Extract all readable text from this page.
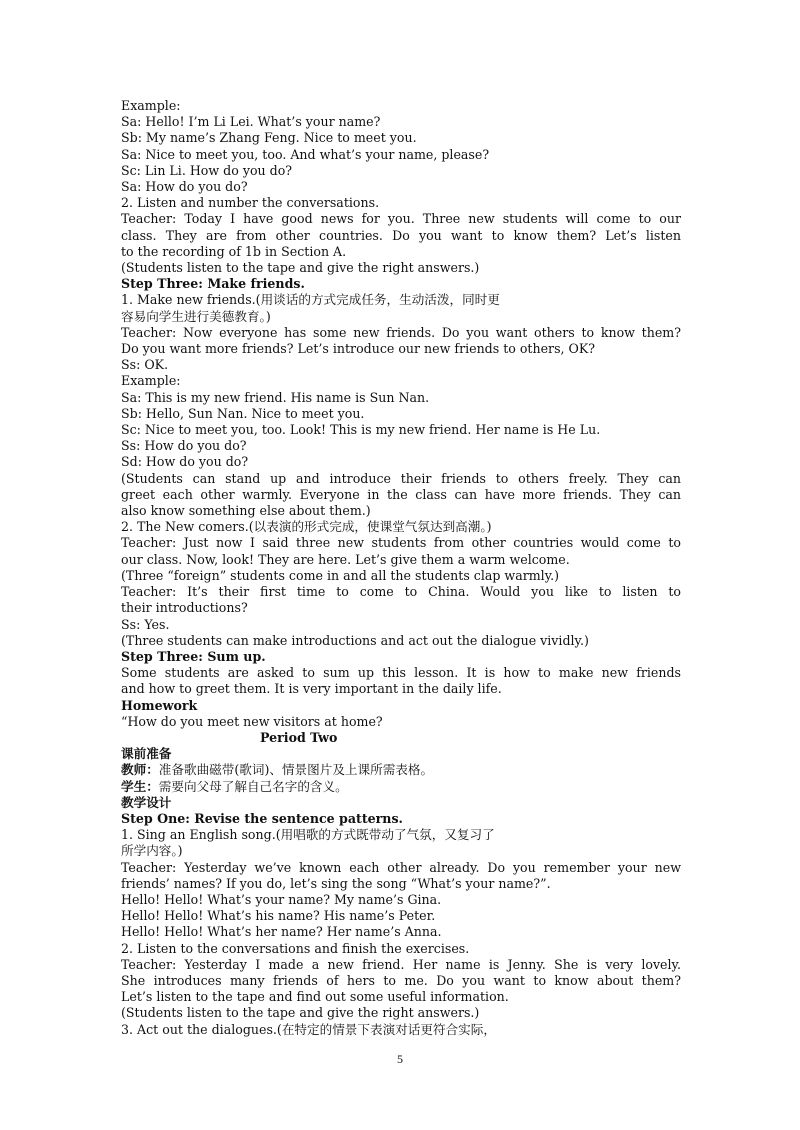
Example:
Sa: Hello! I’m Li Lei. What’s your name?
Sb: My name’s Zhang Feng. Nice to meet you.
Sa: Nice to meet you, too. And what’s your name, please?
Sc: Lin Li. How do you do?
Sa: How do you do?
2. Listen and number the conversations.
Teacher: Today I have good news for you. Three new students will come to our
class. They are from other countries. Do you want to know them? Let’s listen
to the recording of 1b in Section A.
(Students listen to the tape and give the right answers.)
Step Three: Make friends.
1. Make new friends.(用谈话的方式完成任务，生动活泼，同时更
容易向学生进行美德教育。)
Teacher: Now everyone has some new friends. Do you want others to know them?
Do you want more friends? Let’s introduce our new friends to others, OK?
Ss: OK.
Example:
Sa: This is my new friend. His name is Sun Nan.
Sb: Hello, Sun Nan. Nice to meet you.
Sc: Nice to meet you, too. Look! This is my new friend. Her name is He Lu.
Ss: How do you do?
Sd: How do you do?
(Students can stand up and introduce their friends to others freely. They can
greet each other warmly. Everyone in the class can have more friends. They can
also know something else about them.)
2. The New comers.(以表演的形式完成，使课堂气氛达到高潮。)
Teacher: Just now I said three new students from other countries would come to
our class. Now, look! They are here. Let’s give them a warm welcome.
(Three “foreign” students come in and all the students clap warmly.)
Teacher: It’s their first time to come to China. Would you like to listen to
their introductions?
Ss: Yes.
(Three students can make introductions and act out the dialogue vividly.)
Step Three: Sum up.
Some students are asked to sum up this lesson. It is how to make new friends
and how to greet them. It is very important in the daily life.
Homework
“How do you meet new visitors at home?
Period Two
课前准备
教师：准备歌曲磁带(歌词)、情景图片及上课所需表格。
学生：需要向父母了解自己名字的含义。
教学设计
Step One: Revise the sentence patterns.
1. Sing an English song.(用唱歌的方式既带动了气氛，又复习了
所学内容。)
Teacher: Yesterday we’ve known each other already. Do you remember your new
friends’ names? If you do, let’s sing the song “What’s your name?”.
Hello! Hello! What’s your name? My name’s Gina.
Hello! Hello! What’s his name? His name’s Peter.
Hello! Hello! What’s her name? Her name’s Anna.
2. Listen to the conversations and finish the exercises.
Teacher: Yesterday I made a new friend. Her name is Jenny. She is very lovely.
She introduces many friends of hers to me. Do you want to know about them?
Let’s listen to the tape and find out some useful information.
(Students listen to the tape and give the right answers.)
3. Act out the dialogues.(在特定的情景下表演对话更符合实际，
5
